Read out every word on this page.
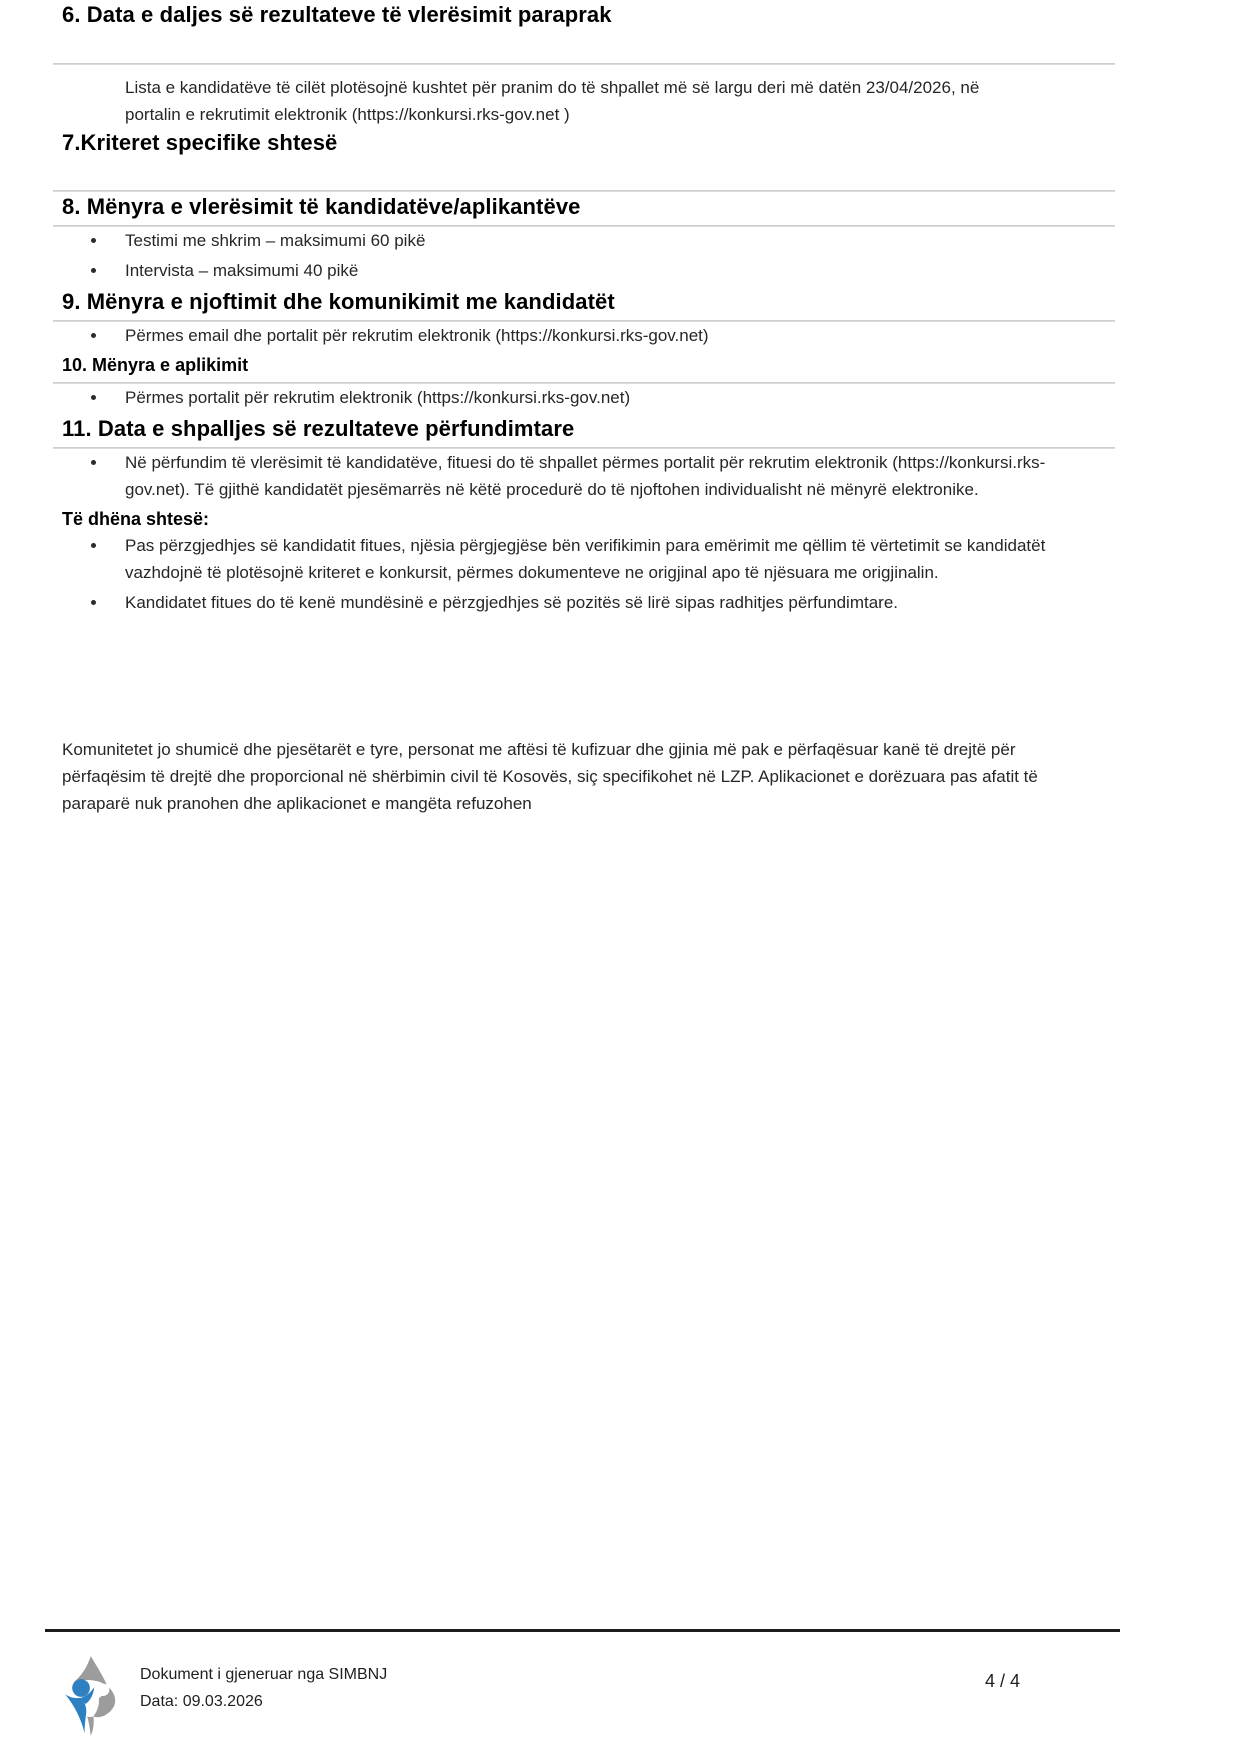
6. Data e daljes së rezultateve të vlerësimit paraprak

Lista e kandidatëve të cilët plotësojnë kushtet për pranim do të shpallet më së largu deri më datën 23/04/2026, në portalin e rekrutimit elektronik (https://konkursi.rks-gov.net )

7.Kriteret specifike shtesë
8. Mënyra e vlerësimit të kandidatëve/aplikantëve
Testimi me shkrim – maksimumi 60 pikë
Intervista – maksimumi 40 pikë
9. Mënyra e njoftimit dhe komunikimit me kandidatët
Përmes email dhe portalit për rekrutim elektronik (https://konkursi.rks-gov.net)
10. Mënyra e aplikimit
Përmes portalit për rekrutim elektronik (https://konkursi.rks-gov.net)
11. Data e shpalljes së rezultateve përfundimtare
Në përfundim të vlerësimit të kandidatëve, fituesi do të shpallet përmes portalit për rekrutim elektronik (https://konkursi.rks-gov.net). Të gjithë kandidatët pjesëmarrës në këtë procedurë do të njoftohen individualisht në mënyrë elektronike.
Të dhëna shtesë:
Pas përzgjedhjes së kandidatit fitues, njësia përgjegjëse bën verifikimin para emërimit me qëllim të vërtetimit se kandidatët vazhdojnë të plotësojnë kriteret e konkursit, përmes dokumenteve ne origjinal apo të njësuara me origjinalin.
Kandidatet fitues do të kenë mundësinë e përzgjedhjes së pozitës së lirë sipas radhitjes përfundimtare.

Komunitetet jo shumicë dhe pjesëtarët e tyre, personat me aftësi të kufizuar dhe gjinia më pak e përfaqësuar kanë të drejtë për përfaqësim të drejtë dhe proporcional në shërbimin civil të Kosovës, siç specifikohet në LZP. Aplikacionet e dorëzuara pas afatit të paraparë nuk pranohen dhe aplikacionet e mangëta refuzohen

Dokument i gjeneruar nga SIMBNJ
Data: 09.03.2026
4 / 4
